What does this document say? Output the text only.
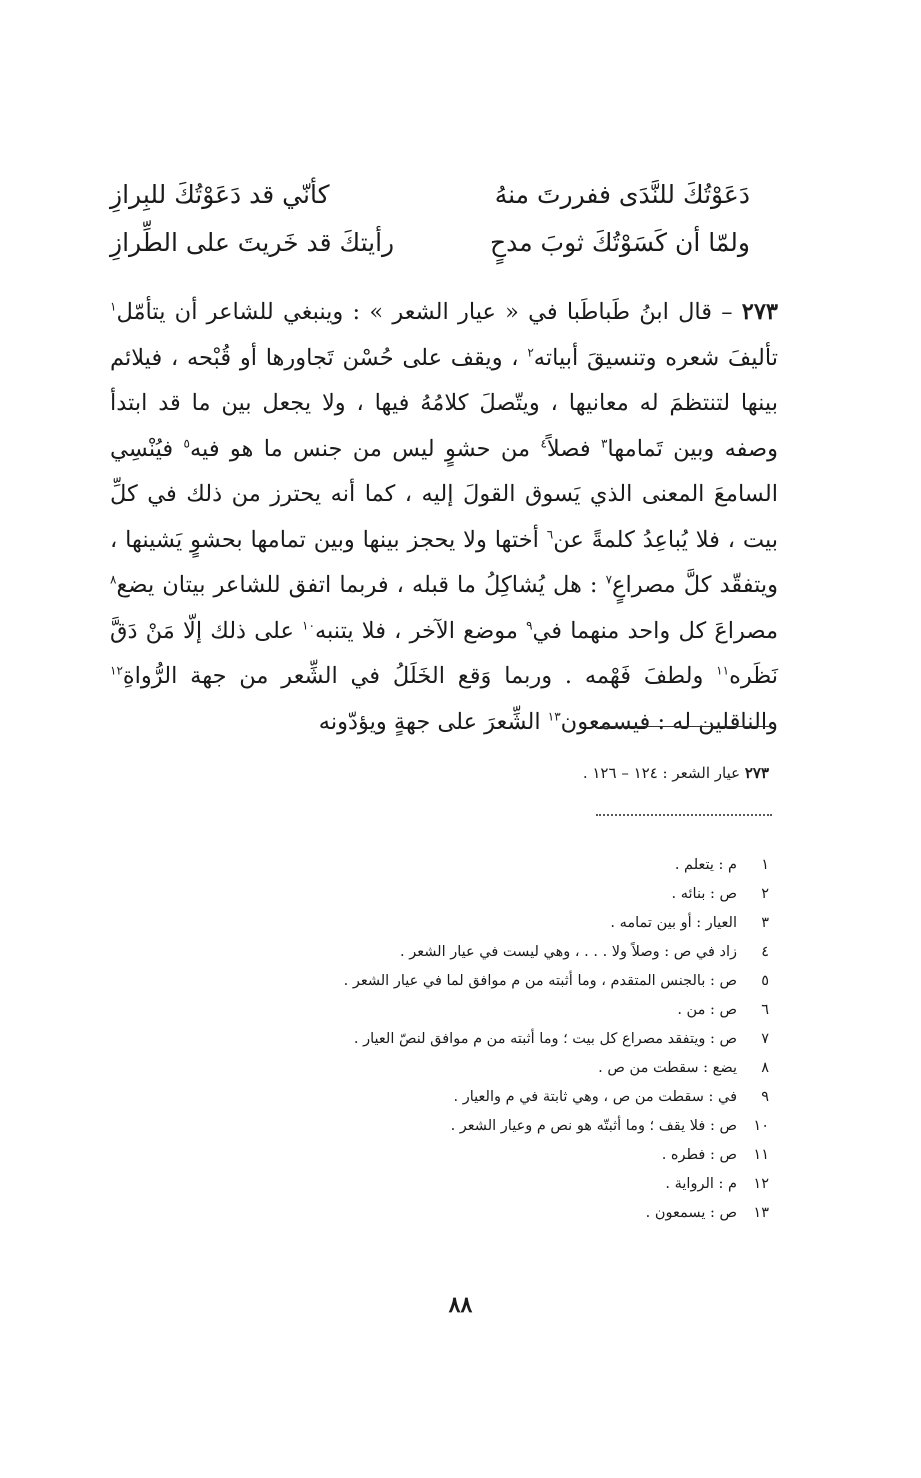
دَعَوْتُكَ للنَّدَى ففررتَ منهُ
كأنّي قد دَعَوْتُكَ للبِرازِ
ولمّا أن كَسَوْتُكَ ثوبَ مدحٍ
رأيتكَ قد خَريتَ على الطِّرازِ
٢٧٣ – قال ابنُ طَباطَبا في « عيار الشعر » : وينبغي للشاعر أن يتأمّل$^١$ تأليفَ شعره وتنسيقَ أبياته$^٢$ ، ويقف على حُسْن تَجاورها أو قُبْحه ، فيلائم بينها لتنتظمَ له معانيها ، ويتّصلَ كلامُهُ فيها ، ولا يجعل بين ما قد ابتدأ وصفه وبين تَمامها$^٣$ فصلاً$^٤$ من حشوٍ ليس من جنس ما هو فيه$^٥$ فيُنْسِي السامعَ المعنى الذي يَسوق القولَ إليه ، كما أنه يحترز من ذلك في كلِّ بيت ، فلا يُباعِدُ كلمةً عن$^٦$ أختها ولا يحجز بينها وبين تمامها بحشوٍ يَشينها ، ويتفقّد كلَّ مصراعٍ$^٧$ : هل يُشاكِلُ ما قبله ، فربما اتفق للشاعر بيتان يضع$^٨$ مصراعَ كل واحد منهما في$^٩$ موضع الآخر ، فلا يتنبه$^{١٠}$ على ذلك إلّا مَنْ دَقَّ نَظَره$^{١١}$ ولطفَ فَهْمه . وربما وَقع الخَلَلُ في الشِّعر من جهة الرُّواةِ$^{١٢}$ والناقلين له : فيسمعون$^{١٣}$ الشِّعرَ على جهةٍ ويؤدّونه
٢٧٣ عيار الشعر : ١٢٤ – ١٢٦ .
١
م : يتعلم .
٢
ص : بنائه .
٣
العيار : أو بين تمامه .
٤
زاد في ص : وصلاً ولا . . . ، وهي ليست في عيار الشعر .
٥
ص : بالجنس المتقدم ، وما أثبته من م موافق لما في عيار الشعر .
٦
ص : من .
٧
ص : ويتفقد مصراع كل بيت ؛ وما أثبته من م موافق لنصّ العيار .
٨
يضع : سقطت من ص .
٩
في : سقطت من ص ، وهي ثابتة في م والعيار .
١٠
ص : فلا يقف ؛ وما أثبتّه هو نص م وعيار الشعر .
١١
ص : فطره .
١٢
م : الرواية .
١٣
ص : يسمعون .
٨٨
